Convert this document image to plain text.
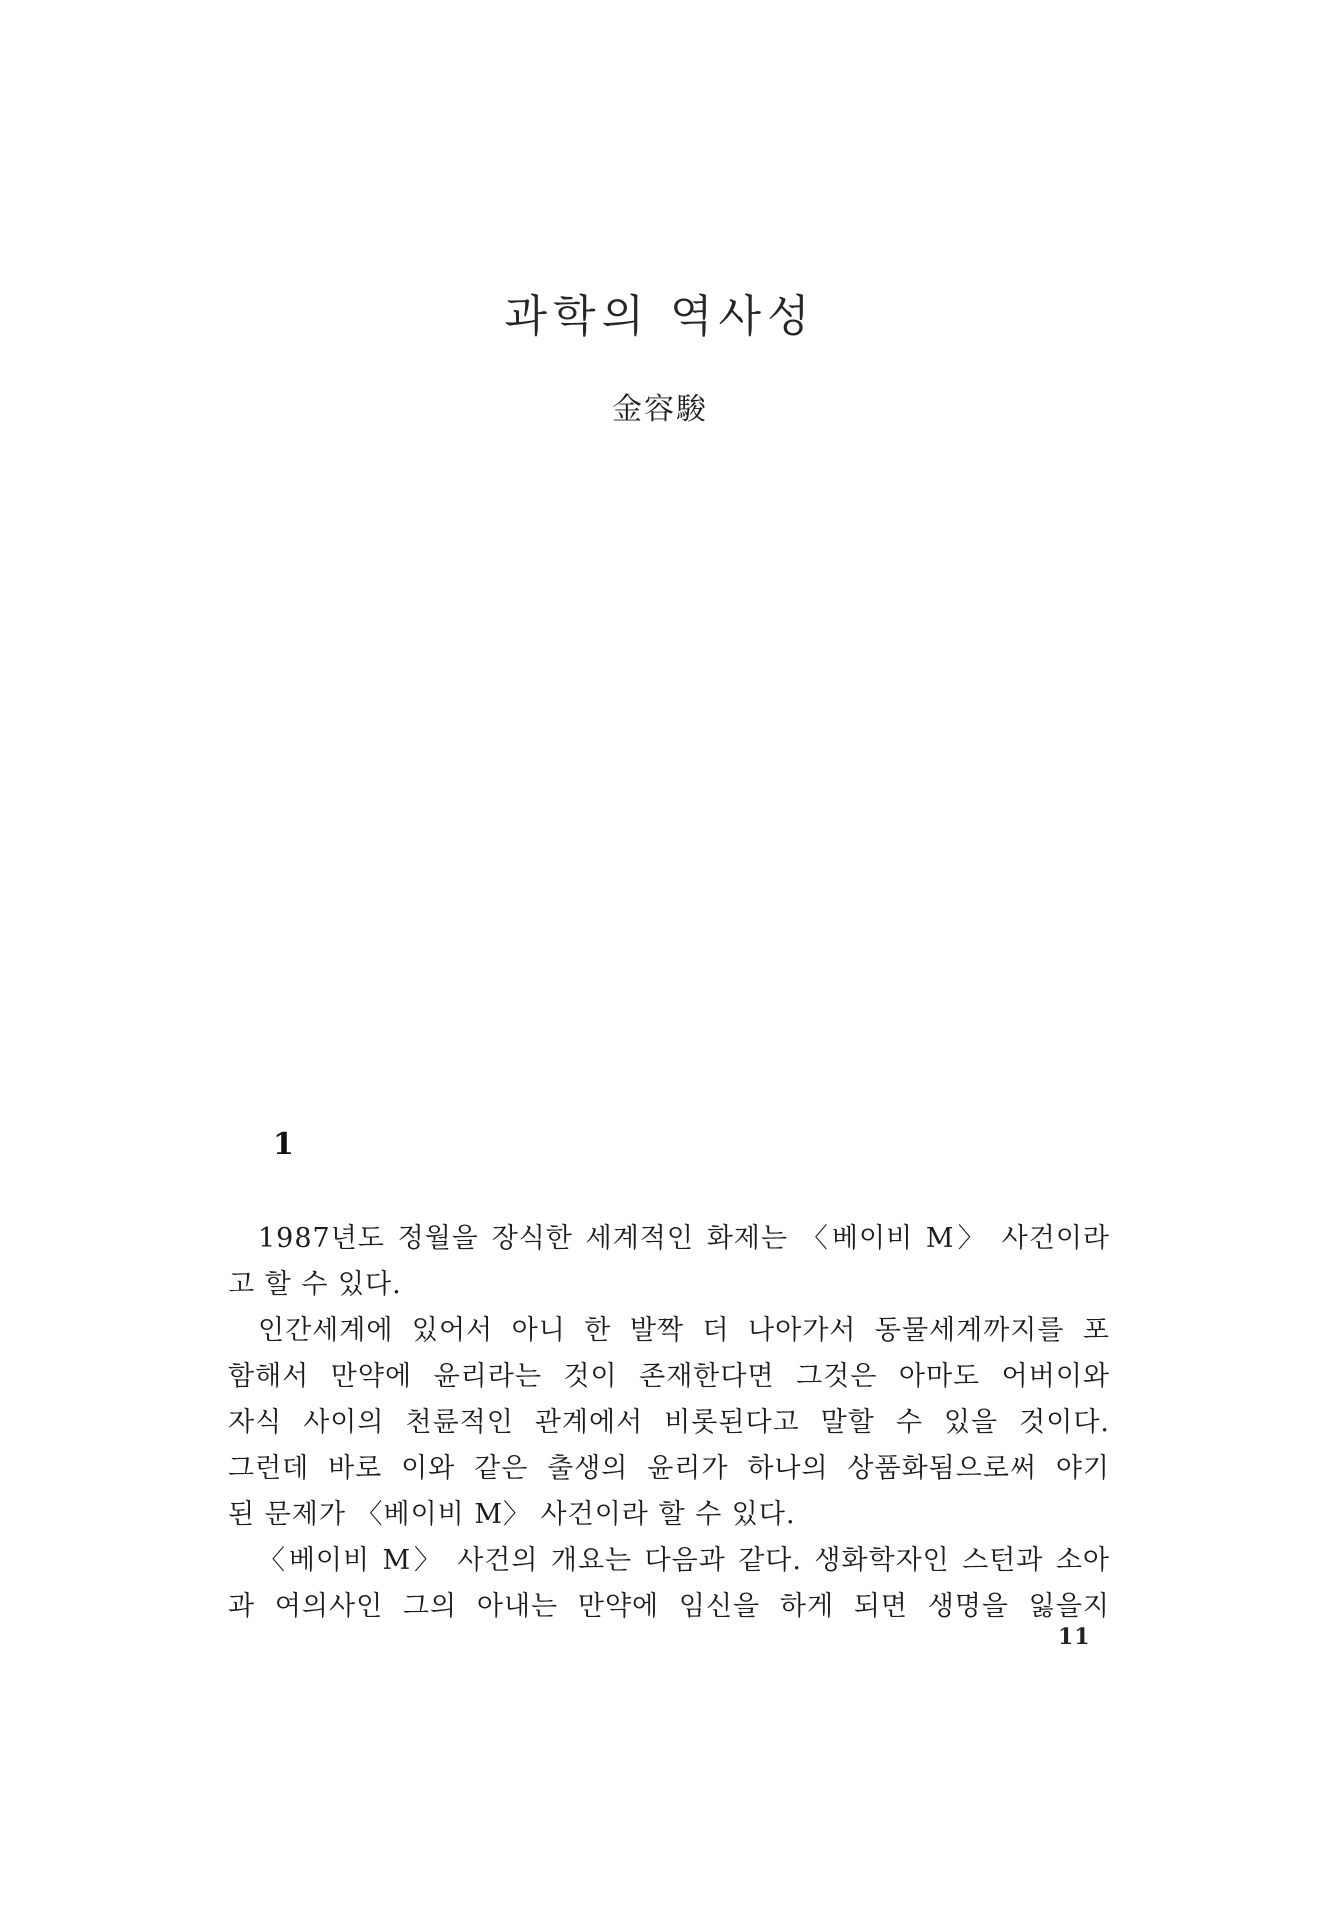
과학의 역사성
金容駿
1
1987년도 정월을 장식한 세계적인 화제는 〈베이비 M〉 사건이라
고 할 수 있다.
인간세계에 있어서 아니 한 발짝 더 나아가서 동물세계까지를 포
함해서 만약에 윤리라는 것이 존재한다면 그것은 아마도 어버이와
자식 사이의 천륜적인 관계에서 비롯된다고 말할 수 있을 것이다.
그런데 바로 이와 같은 출생의 윤리가 하나의 상품화됨으로써 야기
된 문제가 〈베이비 M〉 사건이라 할 수 있다.
〈베이비 M〉 사건의 개요는 다음과 같다. 생화학자인 스턴과 소아
과 여의사인 그의 아내는 만약에 임신을 하게 되면 생명을 잃을지
11
